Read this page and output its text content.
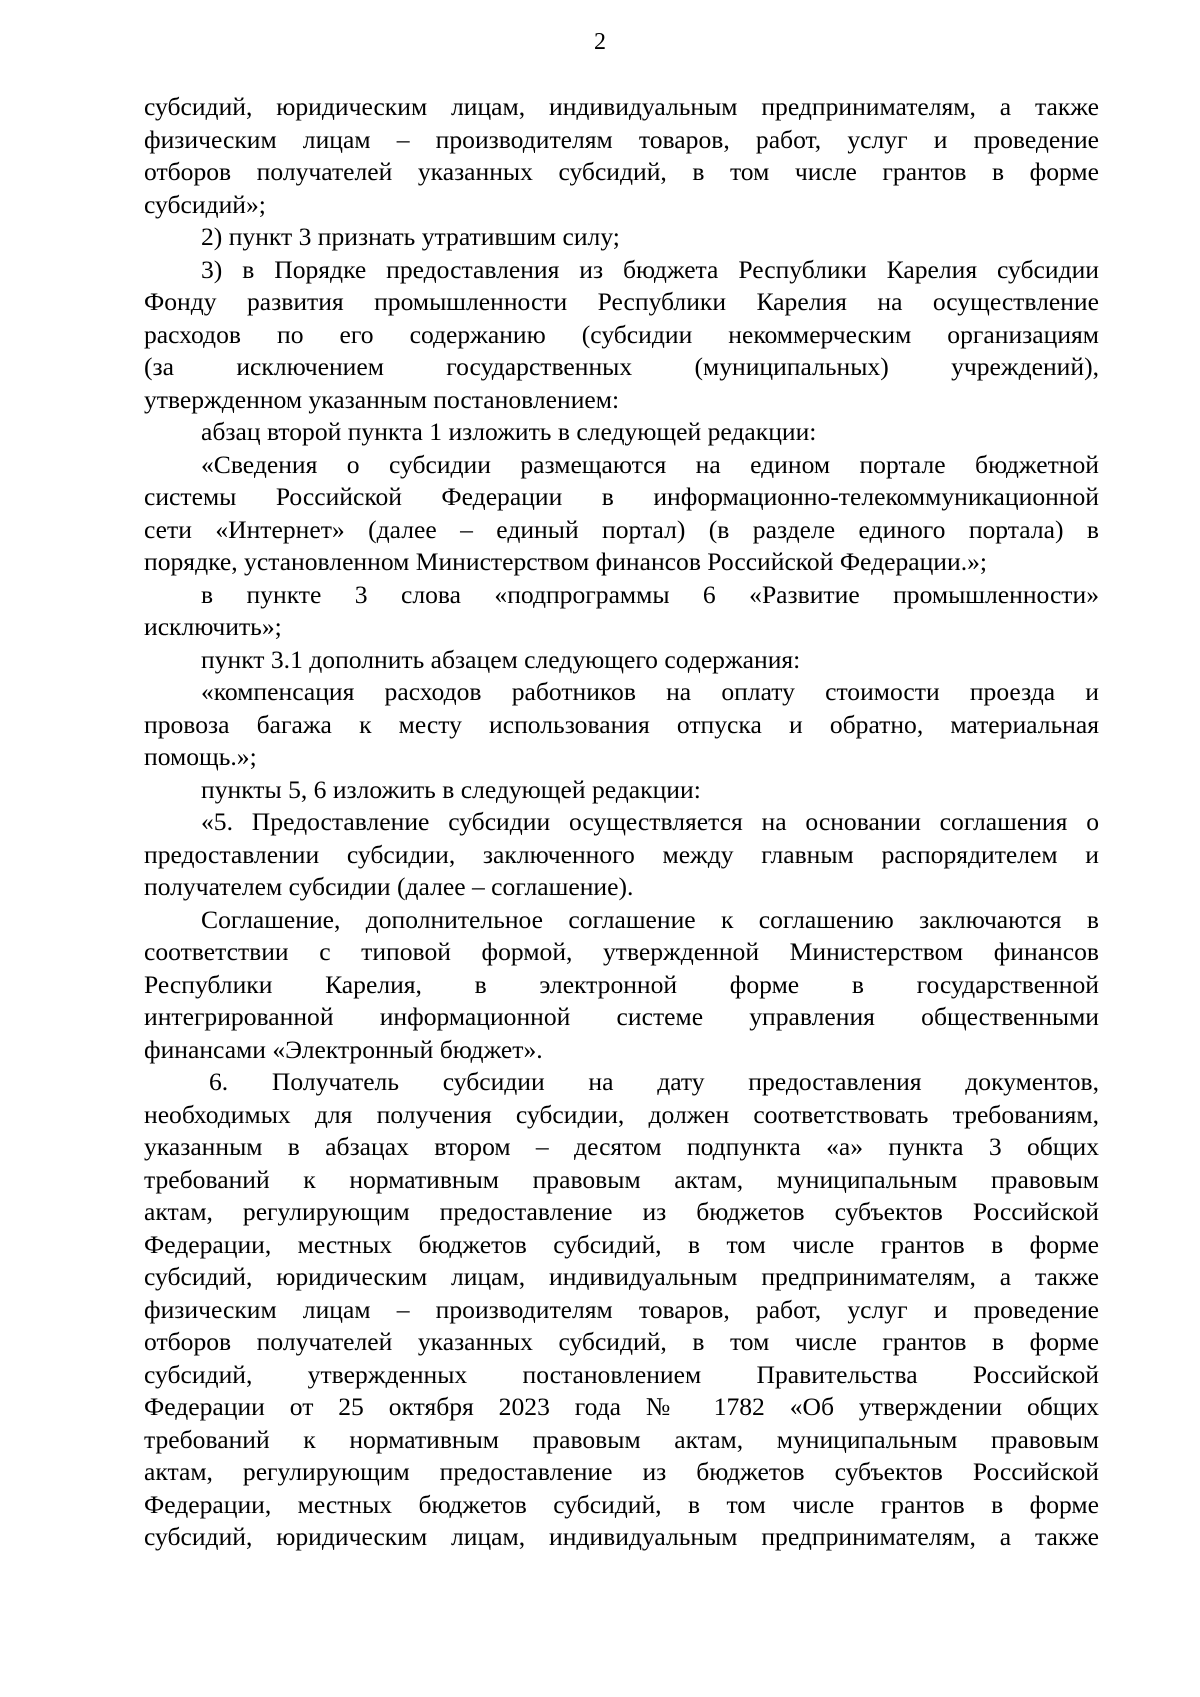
2
субсидий, юридическим лицам, индивидуальным предпринимателям, а также
физическим лицам – производителям товаров, работ, услуг и проведение
отборов получателей указанных субсидий, в том числе грантов в форме
субсидий»;
2) пункт 3 признать утратившим силу;
3) в Порядке предоставления из бюджета Республики Карелия субсидии
Фонду развития промышленности Республики Карелия на осуществление
расходов по его содержанию (субсидии некоммерческим организациям
(за исключением государственных (муниципальных) учреждений),
утвержденном указанным постановлением:
абзац второй пункта 1 изложить в следующей редакции:
«Сведения о субсидии размещаются на едином портале бюджетной
системы Российской Федерации в информационно-телекоммуникационной
сети «Интернет» (далее – единый портал) (в разделе единого портала) в
порядке, установленном Министерством финансов Российской Федерации.»;
в пункте 3 слова «подпрограммы 6 «Развитие промышленности»
исключить»;
пункт 3.1 дополнить абзацем следующего содержания:
«компенсация расходов работников на оплату стоимости проезда и
провоза багажа к месту использования отпуска и обратно, материальная
помощь.»;
пункты 5, 6 изложить в следующей редакции:
«5. Предоставление субсидии осуществляется на основании соглашения о
предоставлении субсидии, заключенного между главным распорядителем и
получателем субсидии (далее – соглашение).
Соглашение, дополнительное соглашение к соглашению заключаются в
соответствии с типовой формой, утвержденной Министерством финансов
Республики Карелия, в электронной форме в государственной
интегрированной информационной системе управления общественными
финансами «Электронный бюджет».
6. Получатель субсидии на дату предоставления документов,
необходимых для получения субсидии, должен соответствовать требованиям,
указанным в абзацах втором – десятом подпункта «а» пункта 3 общих
требований к нормативным правовым актам, муниципальным правовым
актам, регулирующим предоставление из бюджетов субъектов Российской
Федерации, местных бюджетов субсидий, в том числе грантов в форме
субсидий, юридическим лицам, индивидуальным предпринимателям, а также
физическим лицам – производителям товаров, работ, услуг и проведение
отборов получателей указанных субсидий, в том числе грантов в форме
субсидий, утвержденных постановлением Правительства Российской
Федерации от 25 октября 2023 года № 1782 «Об утверждении общих
требований к нормативным правовым актам, муниципальным правовым
актам, регулирующим предоставление из бюджетов субъектов Российской
Федерации, местных бюджетов субсидий, в том числе грантов в форме
субсидий, юридическим лицам, индивидуальным предпринимателям, а также
